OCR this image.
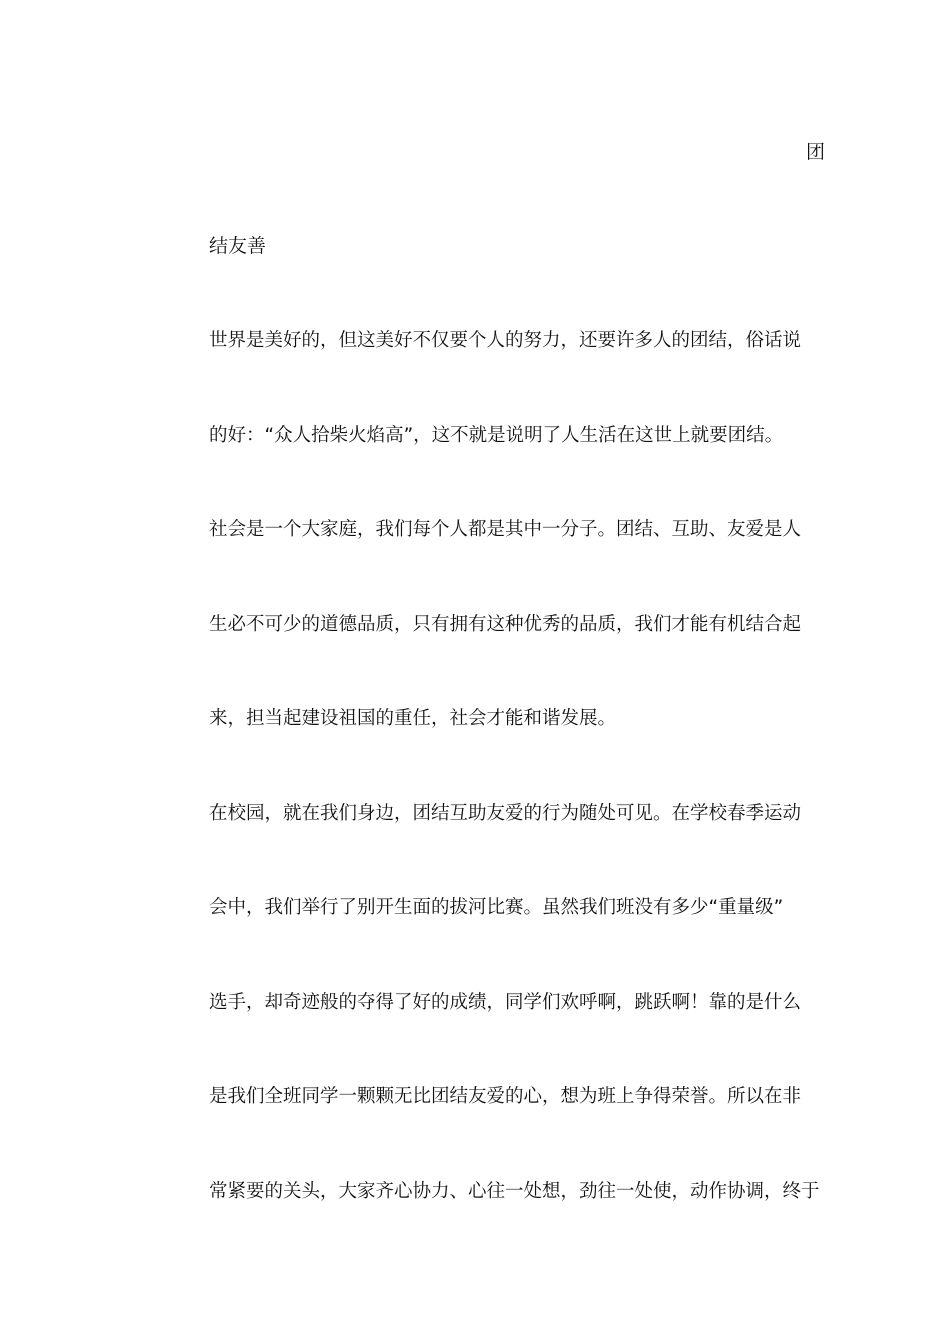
团
结友善
世界是美好的，但这美好不仅要个人的努力，还要许多人的团结，俗话说
的好：“众人拾柴火焰高”，这不就是说明了人生活在这世上就要团结。
社会是一个大家庭，我们每个人都是其中一分子。团结、互助、友爱是人
生必不可少的道德品质，只有拥有这种优秀的品质，我们才能有机结合起
来，担当起建设祖国的重任，社会才能和谐发展。
在校园，就在我们身边，团结互助友爱的行为随处可见。在学校春季运动
会中，我们举行了别开生面的拔河比赛。虽然我们班没有多少“重量级”
选手，却奇迹般的夺得了好的成绩，同学们欢呼啊，跳跃啊！靠的是什么
是我们全班同学一颗颗无比团结友爱的心，想为班上争得荣誉。所以在非
常紧要的关头，大家齐心协力、心往一处想，劲往一处使，动作协调，终于
